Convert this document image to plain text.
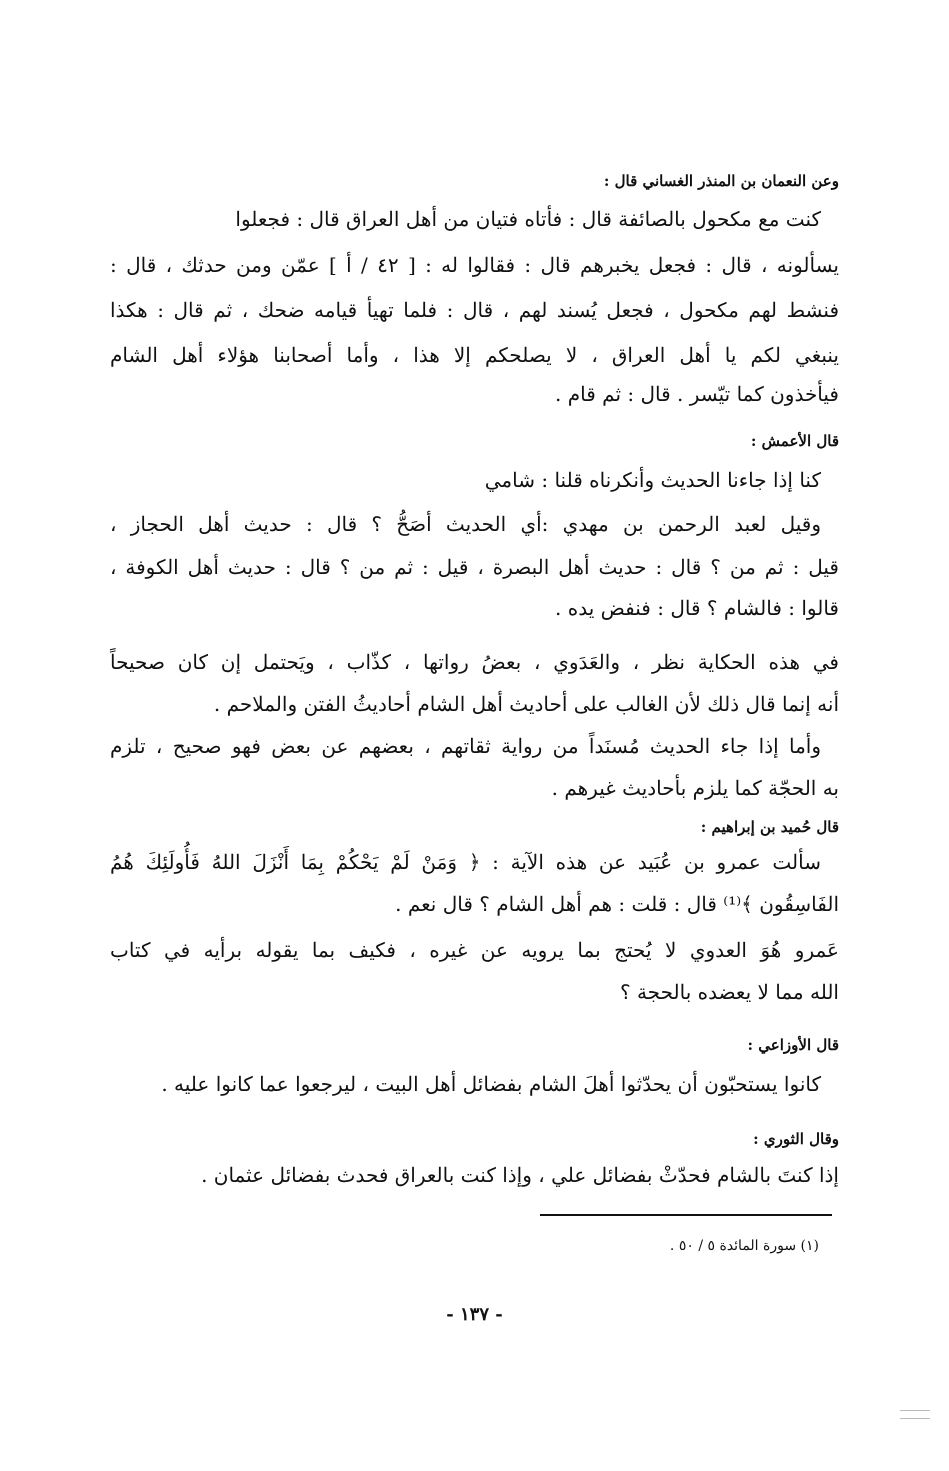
وعن النعمان بن المنذر الغساني قال :
كنت مع مكحول بالصائفة قال : فأتاه فتيان من أهل العراق قال : فجعلوا
يسألونه ، قال : فجعل يخبرهم قال : فقالوا له : [ ٤٢ / أ ] عمّن ومن حدثك ، قال :
فنشط لهم مكحول ، فجعل يُسند لهم ، قال : فلما تهيأ قيامه ضحك ، ثم قال : هكذا
ينبغي لكم يا أهل العراق ، لا يصلحكم إلا هذا ، وأما أصحابنا هؤلاء أهل الشام
فيأخذون كما تيّسر . قال : ثم قام .
قال الأعمش :
كنا إذا جاءنا الحديث وأنكرناه قلنا : شامي
وقيل لعبد الرحمن بن مهدي :أي الحديث أصَحُّ ؟ قال : حديث أهل الحجاز ،
قيل : ثم من ؟ قال : حديث أهل البصرة ، قيل : ثم من ؟ قال : حديث أهل الكوفة ،
قالوا : فالشام ؟ قال : فنفض يده .
في هذه الحكاية نظر ، والعَدَوي ، بعضُ رواتها ، كذّاب ، ويَحتمل إن كان صحيحاً
أنه إنما قال ذلك لأن الغالب على أحاديث أهل الشام أحاديثُ الفتن والملاحم .
وأما إذا جاء الحديث مُسنَداً من رواية ثقاتهم ، بعضهم عن بعض فهو صحيح ، تلزم
به الحجّة كما يلزم بأحاديث غيرهم .
قال حُميد بن إبراهيم :
سألت عمرو بن عُبَيد عن هذه الآية : ﴿ وَمَنْ لَمْ يَحْكُمْ بِمَا أَنْزَلَ اللهُ فَأُولَئِكَ هُمُ
الفَاسِقُون ﴾⁽¹⁾ قال : قلت : هم أهل الشام ؟ قال نعم .
عَمرو هُوَ العدوي لا يُحتج بما يرويه عن غيره ، فكيف بما يقوله برأيه في كتاب
الله مما لا يعضده بالحجة ؟
قال الأوزاعي :
كانوا يستحبّون أن يحدّثوا أهلَ الشام بفضائل أهل البيت ، ليرجعوا عما كانوا عليه .
وقال الثوري :
إذا كنتَ بالشام فحدّثْ بفضائل علي ، وإذا كنت بالعراق فحدث بفضائل عثمان .
(١) سورة المائدة ٥ / ٥٠ .
- ١٣٧ -
